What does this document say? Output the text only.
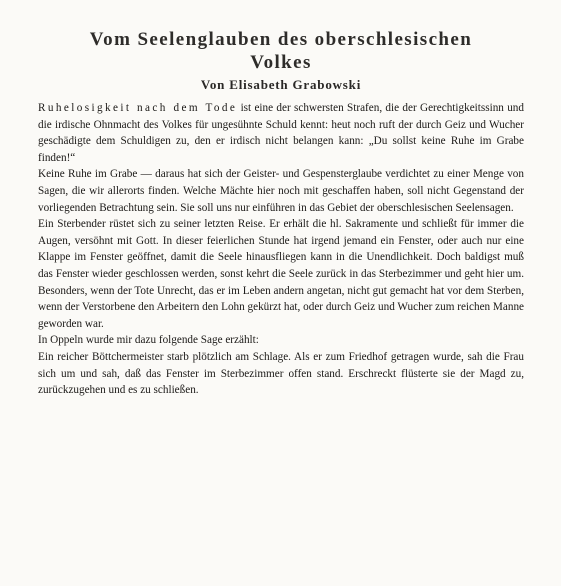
Vom Seelenglauben des oberschlesischen
Volkes
Von Elisabeth Grabowski

Ruhelosigkeit nach dem Tode ist eine der schwersten Strafen, die der Gerechtigkeitssinn und die irdische Ohnmacht des Volkes für ungesühnte Schuld kennt: heut noch ruft der durch Geiz und Wucher geschädigte dem Schuldigen zu, den er irdisch nicht belangen kann: „Du sollst keine Ruhe im Grabe finden!“

Keine Ruhe im Grabe — daraus hat sich der Geister- und Gespensterglaube verdichtet zu einer Menge von Sagen, die wir allerorts finden. Welche Mächte hier noch mit geschaffen haben, soll nicht Gegenstand der vorliegenden Betrachtung sein. Sie soll uns nur einführen in das Gebiet der oberschlesischen Seelensagen.

Ein Sterbender rüstet sich zu seiner letzten Reise. Er erhält die hl. Sakramente und schließt für immer die Augen, versöhnt mit Gott. In dieser feierlichen Stunde hat irgend jemand ein Fenster, oder auch nur eine Klappe im Fenster geöffnet, damit die Seele hinausfliegen kann in die Unendlichkeit. Doch baldigst muß das Fenster wieder geschlossen werden, sonst kehrt die Seele zurück in das Sterbezimmer und geht hier um. Besonders, wenn der Tote Unrecht, das er im Leben andern angetan, nicht gut gemacht hat vor dem Sterben, wenn der Verstorbene den Arbeitern den Lohn gekürzt hat, oder durch Geiz und Wucher zum reichen Manne geworden war.

In Oppeln wurde mir dazu folgende Sage erzählt:

Ein reicher Böttchermeister starb plötzlich am Schlage. Als er zum Friedhof getragen wurde, sah die Frau sich um und sah, daß das Fenster im Sterbezimmer offen stand. Erschreckt flüsterte sie der Magd zu, zurückzugehen und es zu schließen.
